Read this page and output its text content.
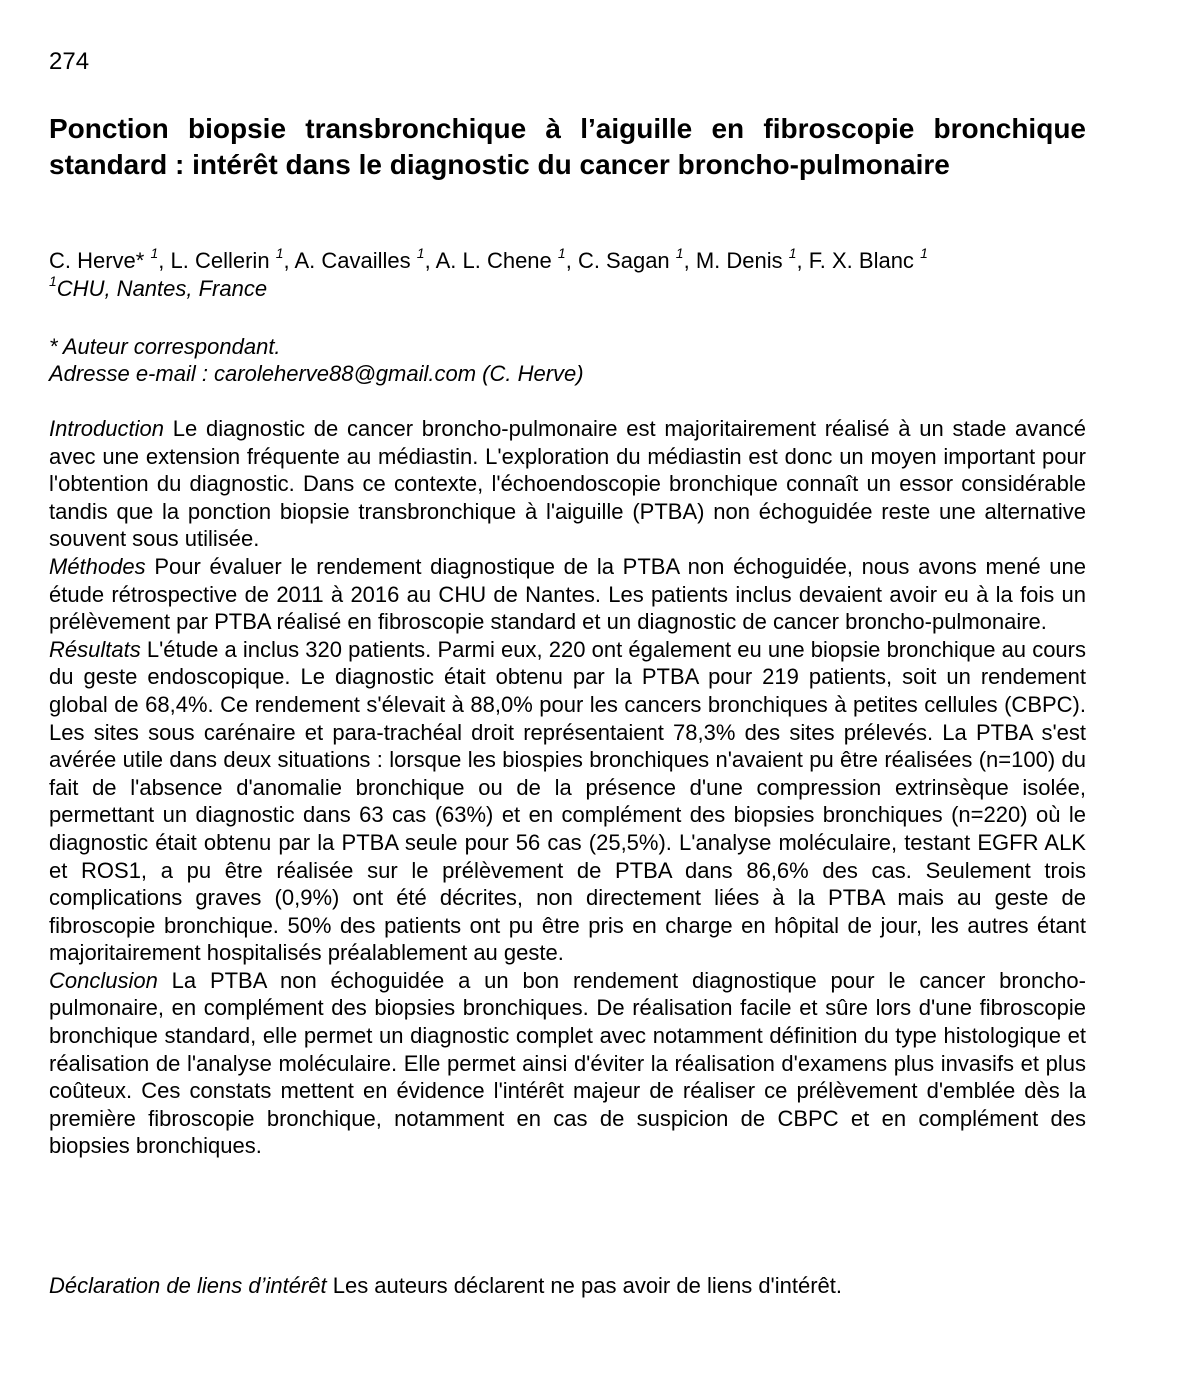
274
Ponction biopsie transbronchique à l’aiguille en fibroscopie bronchique standard : intérêt dans le diagnostic du cancer broncho-pulmonaire
C. Herve* $^1$, L. Cellerin $^1$, A. Cavailles $^1$, A. L. Chene $^1$, C. Sagan $^1$, M. Denis $^1$, F. X. Blanc $^1$
$^1$CHU, Nantes, France
* Auteur correspondant.
Adresse e-mail : caroleherve88@gmail.com (C. Herve)

Introduction Le diagnostic de cancer broncho-pulmonaire est majoritairement réalisé à un stade avancé avec une extension fréquente au médiastin. L'exploration du médiastin est donc un moyen important pour l'obtention du diagnostic. Dans ce contexte, l'échoendoscopie bronchique connaît un essor considérable tandis que la ponction biopsie transbronchique à l'aiguille (PTBA) non échoguidée reste une alternative souvent sous utilisée.

Méthodes Pour évaluer le rendement diagnostique de la PTBA non échoguidée, nous avons mené une étude rétrospective de 2011 à 2016 au CHU de Nantes. Les patients inclus devaient avoir eu à la fois un prélèvement par PTBA réalisé en fibroscopie standard et un diagnostic de cancer broncho-pulmonaire.

Résultats L'étude a inclus 320 patients. Parmi eux, 220 ont également eu une biopsie bronchique au cours du geste endoscopique. Le diagnostic était obtenu par la PTBA pour 219 patients, soit un rendement global de 68,4%. Ce rendement s'élevait à 88,0% pour les cancers bronchiques à petites cellules (CBPC). Les sites sous carénaire et para-trachéal droit représentaient 78,3% des sites prélevés. La PTBA s'est avérée utile dans deux situations : lorsque les biospies bronchiques n'avaient pu être réalisées (n=100) du fait de l'absence d'anomalie bronchique ou de la présence d'une compression extrinsèque isolée, permettant un diagnostic dans 63 cas (63%) et en complément des biopsies bronchiques (n=220) où le diagnostic était obtenu par la PTBA seule pour 56 cas (25,5%). L'analyse moléculaire, testant EGFR ALK et ROS1, a pu être réalisée sur le prélèvement de PTBA dans 86,6% des cas. Seulement trois complications graves (0,9%) ont été décrites, non directement liées à la PTBA mais au geste de fibroscopie bronchique. 50% des patients ont pu être pris en charge en hôpital de jour, les autres étant majoritairement hospitalisés préalablement au geste.

Conclusion La PTBA non échoguidée a un bon rendement diagnostique pour le cancer broncho-pulmonaire, en complément des biopsies bronchiques. De réalisation facile et sûre lors d'une fibroscopie bronchique standard, elle permet un diagnostic complet avec notamment définition du type histologique et réalisation de l'analyse moléculaire. Elle permet ainsi d'éviter la réalisation d'examens plus invasifs et plus coûteux. Ces constats mettent en évidence l'intérêt majeur de réaliser ce prélèvement d'emblée dès la première fibroscopie bronchique, notamment en cas de suspicion de CBPC et en complément des biopsies bronchiques.

Déclaration de liens d’intérêt Les auteurs déclarent ne pas avoir de liens d'intérêt.
